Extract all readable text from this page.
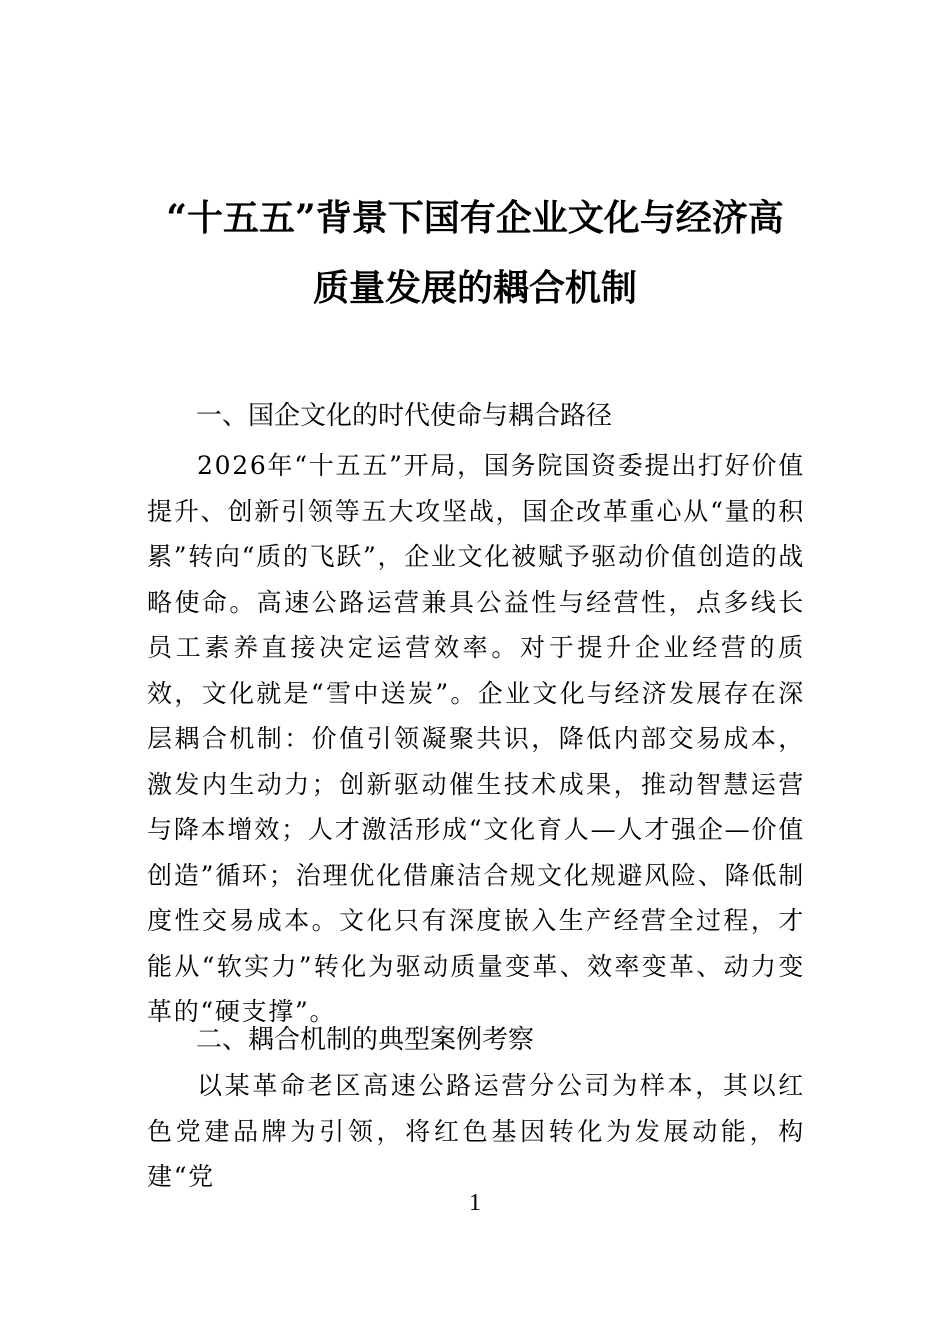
“十五五”背景下国有企业文化与经济高
质量发展的耦合机制
一、国企文化的时代使命与耦合路径

2026年“十五五”开局，国务院国资委提出打好价值提升、创新引领等五大攻坚战，国企改革重心从“量的积累”转向“质的飞跃”，企业文化被赋予驱动价值创造的战略使命。高速公路运营兼具公益性与经营性，点多线长员工素养直接决定运营效率。对于提升企业经营的质效，文化就是“雪中送炭”。企业文化与经济发展存在深层耦合机制：价值引领凝聚共识，降低内部交易成本，激发内生动力；创新驱动催生技术成果，推动智慧运营与降本增效；人才激活形成“文化育人—人才强企—价值创造”循环；治理优化借廉洁合规文化规避风险、降低制度性交易成本。文化只有深度嵌入生产经营全过程，才能从“软实力”转化为驱动质量变革、效率变革、动力变革的“硬支撑”。

二、耦合机制的典型案例考察

以某革命老区高速公路运营分公司为样本，其以红色党建品牌为引领，将红色基因转化为发展动能，构建“党

1
